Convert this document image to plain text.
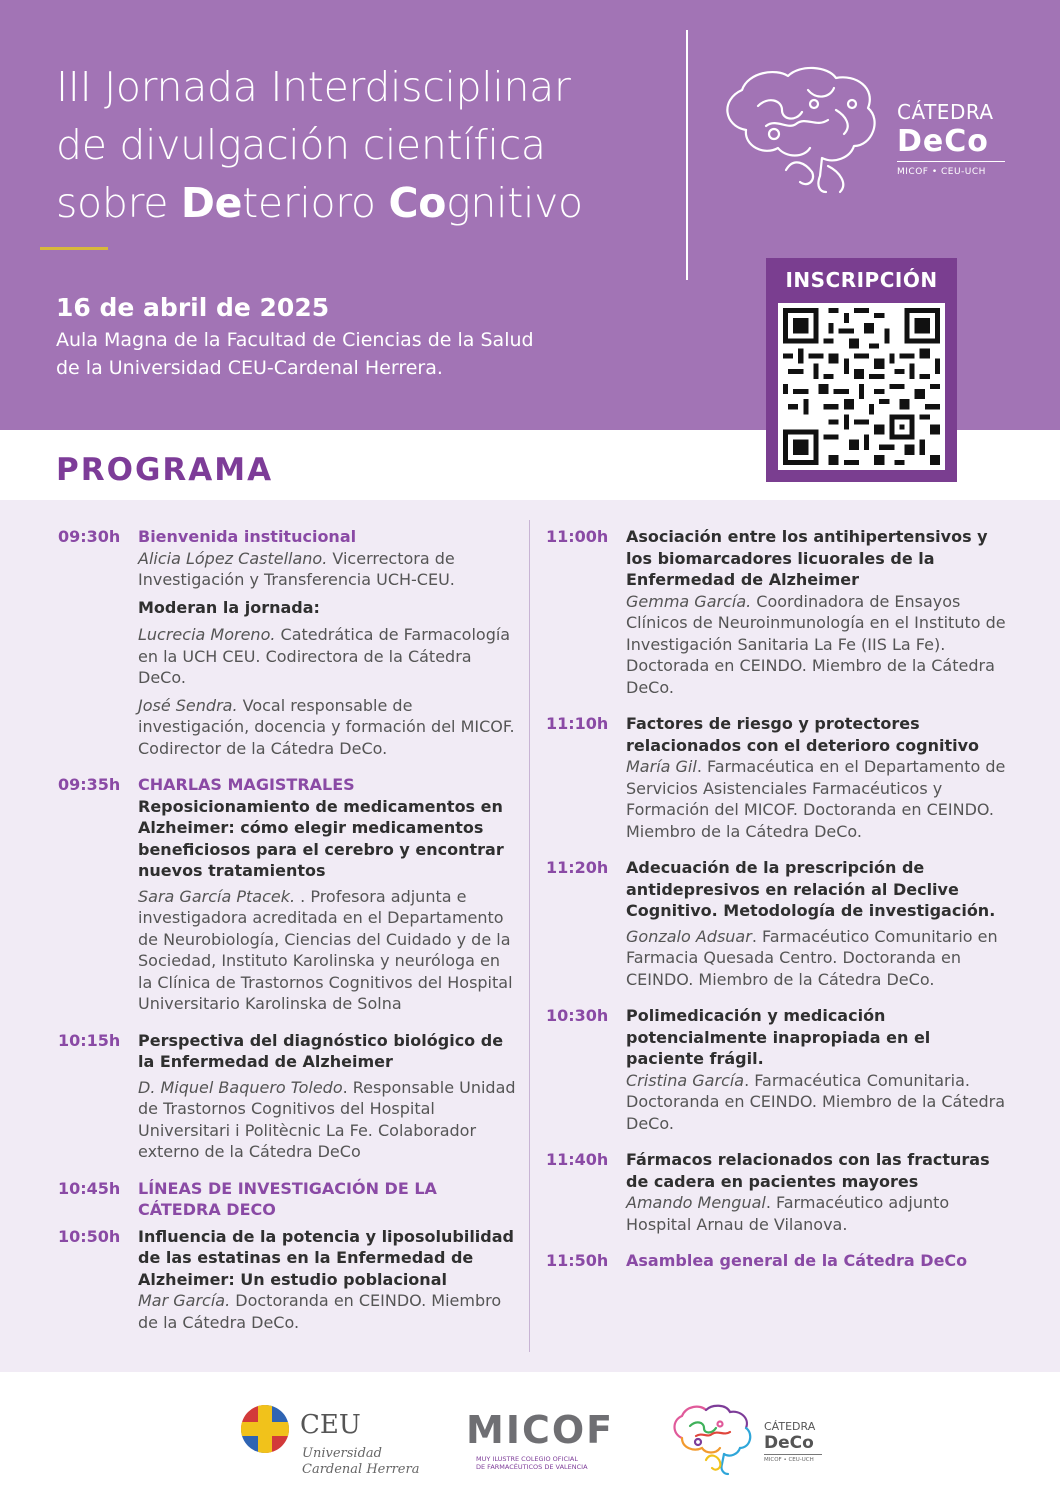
III Jornada Interdisciplinar
de divulgación científica
sobre Deterioro Cognitivo
16 de abril de 2025
Aula Magna de la Facultad de Ciencias de la Salud
de la Universidad CEU-Cardenal Herrera.
CÁTEDRA
DeCo
MICOF • CEU-UCH
INSCRIPCIÓN
PROGRAMA
09:30h Bienvenida institucional
Alicia López Castellano. Vicerrectora de Investigación y Transferencia UCH-CEU.
Moderan la jornada:
Lucrecia Moreno. Catedrática de Farmacología en la UCH CEU. Codirectora de la Cátedra DeCo.
José Sendra. Vocal responsable de investigación, docencia y formación del MICOF. Codirector de la Cátedra DeCo.
09:35h CHARLAS MAGISTRALES
Reposicionamiento de medicamentos en Alzheimer: cómo elegir medicamentos beneficiosos para el cerebro y encontrar nuevos tratamientos
Sara García Ptacek. . Profesora adjunta e investigadora acreditada en el Departamento de Neurobiología, Ciencias del Cuidado y de la Sociedad, Instituto Karolinska y neuróloga en la Clínica de Trastornos Cognitivos del Hospital Universitario Karolinska de Solna
10:15h Perspectiva del diagnóstico biológico de la Enfermedad de Alzheimer
D. Miquel Baquero Toledo. Responsable Unidad de Trastornos Cognitivos del Hospital Universitari i Politècnic La Fe. Colaborador externo de la Cátedra DeCo
10:45h LÍNEAS DE INVESTIGACIÓN DE LA CÁTEDRA DECO
10:50h Influencia de la potencia y liposolubilidad de las estatinas en la Enfermedad de Alzheimer: Un estudio poblacional
Mar García. Doctoranda en CEINDO. Miembro de la Cátedra DeCo.
11:00h Asociación entre los antihipertensivos y los biomarcadores licuorales de la Enfermedad de Alzheimer
Gemma García. Coordinadora de Ensayos Clínicos de Neuroinmunología en el Instituto de Investigación Sanitaria La Fe (IIS La Fe). Doctorada en CEINDO. Miembro de la Cátedra DeCo.
11:10h Factores de riesgo y protectores relacionados con el deterioro cognitivo
María Gil. Farmacéutica en el Departamento de Servicios Asistenciales Farmacéuticos y Formación del MICOF. Doctoranda en CEINDO. Miembro de la Cátedra DeCo.
11:20h Adecuación de la prescripción de antidepresivos en relación al Declive Cognitivo. Metodología de investigación.
Gonzalo Adsuar. Farmacéutico Comunitario en Farmacia Quesada Centro. Doctoranda en CEINDO. Miembro de la Cátedra DeCo.
10:30h Polimedicación y medicación potencialmente inapropiada en el paciente frágil.
Cristina García. Farmacéutica Comunitaria. Doctoranda en CEINDO. Miembro de la Cátedra DeCo.
11:40h Fármacos relacionados con las fracturas de cadera en pacientes mayores
Amando Mengual. Farmacéutico adjunto Hospital Arnau de Vilanova.
11:50h Asamblea general de la Cátedra DeCo
CEU
Universidad
Cardenal Herrera
MICOF
MUY ILUSTRE COLEGIO OFICIAL
DE FARMACÉUTICOS DE VALENCIA
CÁTEDRA
DeCo
MICOF • CEU-UCH
